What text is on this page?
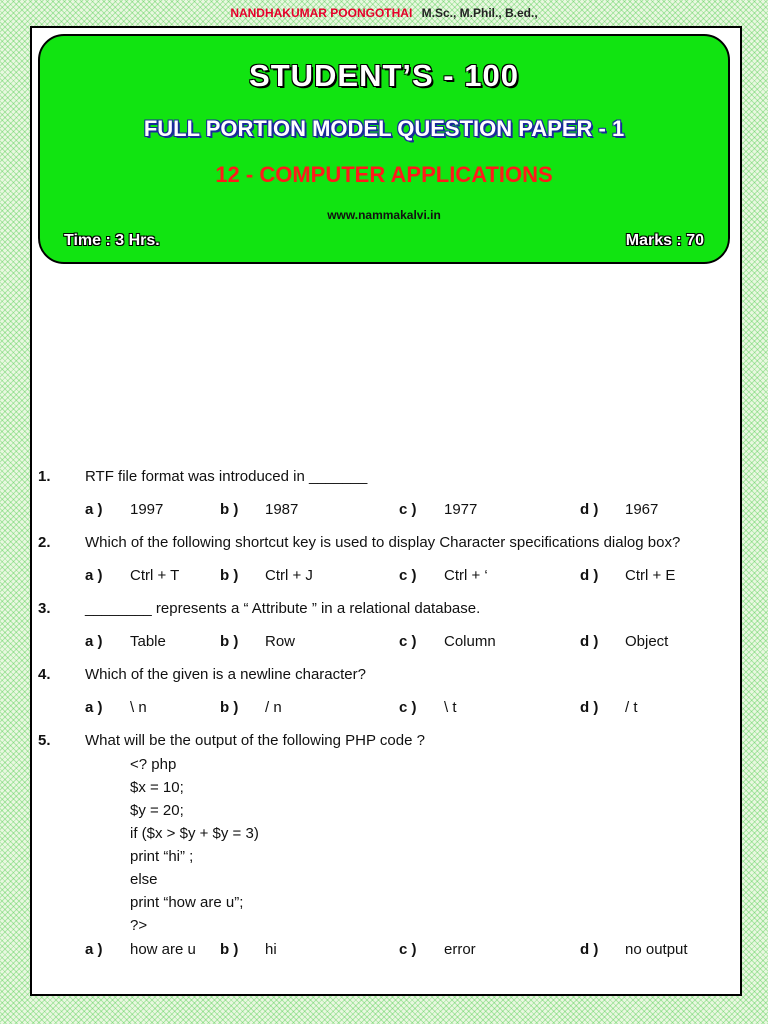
NANDHAKUMAR POONGOTHAI M.Sc., M.Phil., B.ed.,
STUDENT’S - 100
FULL PORTION MODEL QUESTION PAPER - 1
12 - COMPUTER APPLICATIONS
www.nammakalvi.in
Time : 3 Hrs.	Marks : 70
1.	RTF file format was introduced in _______
a )	1997	b )	1987	c )	1977	d )	1967
2.	Which of the following shortcut key is used to display Character specifications dialog box?
a )	Ctrl + T	b )	Ctrl + J	c )	Ctrl + ‘	d )	Ctrl + E
3.	________ represents a “ Attribute ” in a relational database.
a )	Table	b )	Row	c )	Column	d )	Object
4.	Which of the given is a newline character?
a )	\ n	b )	/ n	c )	\ t	d )	/ t
5.	What will be the output of the following PHP code ?
<? php
$x = 10;
$y = 20;
if ($x > $y + $y = 3)
print “hi” ;
else
print “how are u”;
?>
a )	how are u b )	hi	c )	error	d )	no output
